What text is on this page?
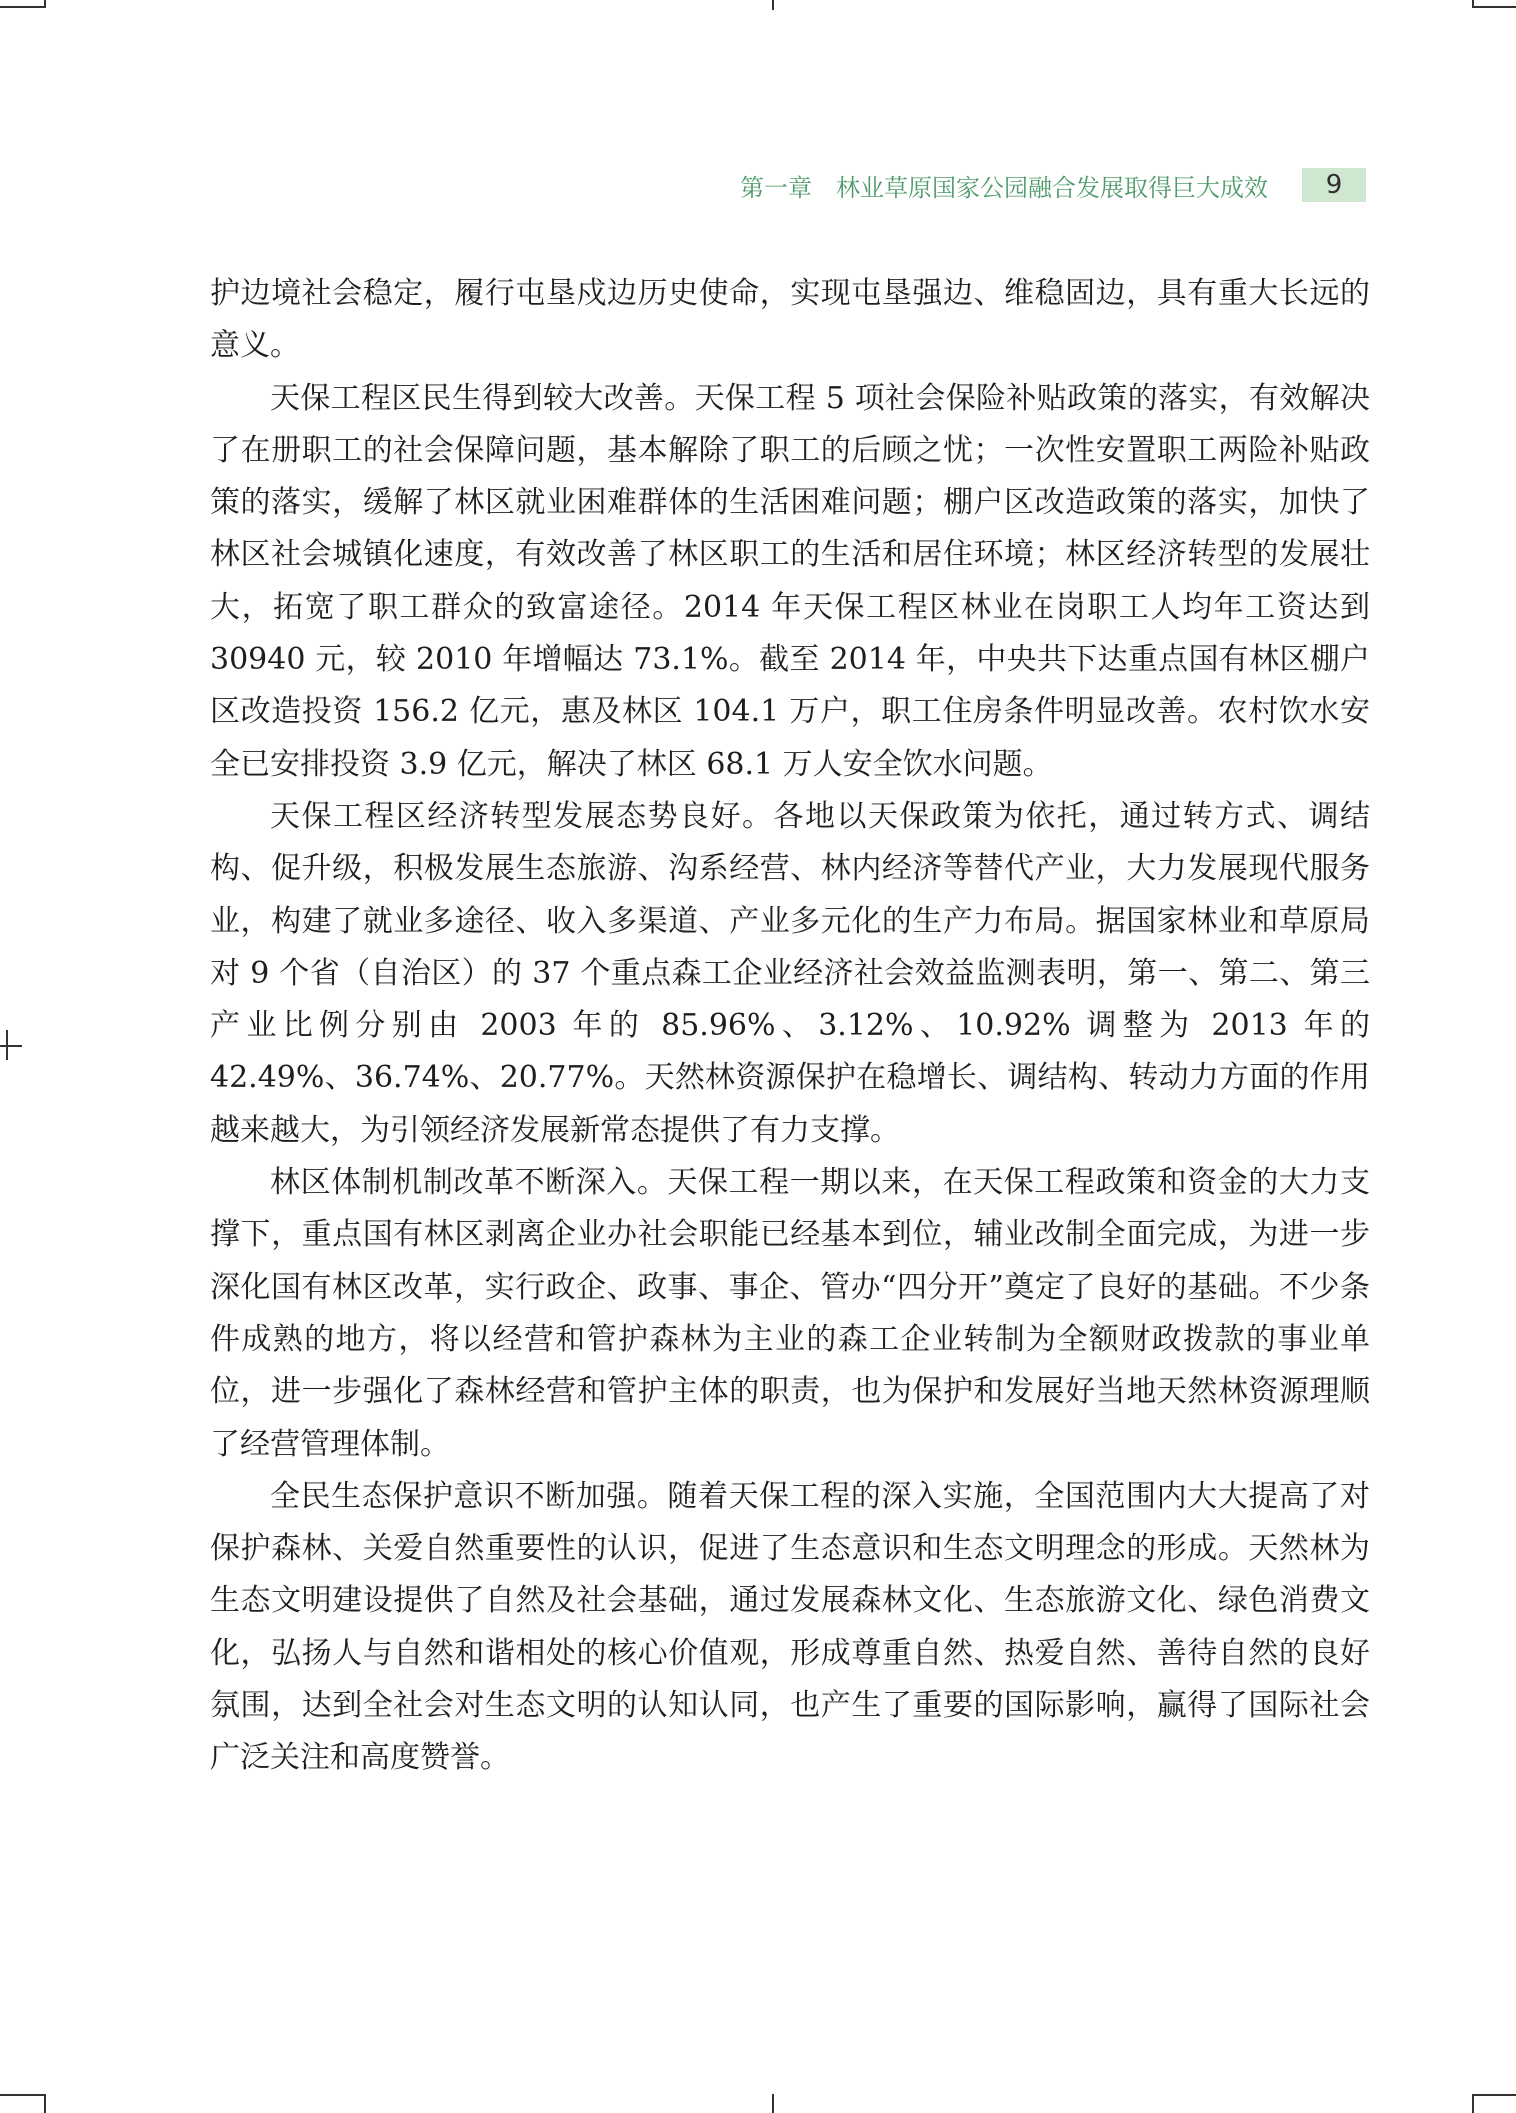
第一章　林业草原国家公园融合发展取得巨大成效	9

护边境社会稳定，履行屯垦戍边历史使命，实现屯垦强边、维稳固边，具有重大长远的意义。

天保工程区民生得到较大改善。天保工程 5 项社会保险补贴政策的落实，有效解决了在册职工的社会保障问题，基本解除了职工的后顾之忧；一次性安置职工两险补贴政策的落实，缓解了林区就业困难群体的生活困难问题；棚户区改造政策的落实，加快了林区社会城镇化速度，有效改善了林区职工的生活和居住环境；林区经济转型的发展壮大，拓宽了职工群众的致富途径。2014 年天保工程区林业在岗职工人均年工资达到 30940 元，较 2010 年增幅达 73.1%。截至 2014 年，中央共下达重点国有林区棚户区改造投资 156.2 亿元，惠及林区 104.1 万户，职工住房条件明显改善。农村饮水安全已安排投资 3.9 亿元，解决了林区 68.1 万人安全饮水问题。

天保工程区经济转型发展态势良好。各地以天保政策为依托，通过转方式、调结构、促升级，积极发展生态旅游、沟系经营、林内经济等替代产业，大力发展现代服务业，构建了就业多途径、收入多渠道、产业多元化的生产力布局。据国家林业和草原局对 9 个省（自治区）的 37 个重点森工企业经济社会效益监测表明，第一、第二、第三产业比例分别由 2003 年的 85.96%、3.12%、10.92% 调整为 2013 年的 42.49%、36.74%、20.77%。天然林资源保护在稳增长、调结构、转动力方面的作用越来越大，为引领经济发展新常态提供了有力支撑。

林区体制机制改革不断深入。天保工程一期以来，在天保工程政策和资金的大力支撑下，重点国有林区剥离企业办社会职能已经基本到位，辅业改制全面完成，为进一步深化国有林区改革，实行政企、政事、事企、管办“四分开”奠定了良好的基础。不少条件成熟的地方，将以经营和管护森林为主业的森工企业转制为全额财政拨款的事业单位，进一步强化了森林经营和管护主体的职责，也为保护和发展好当地天然林资源理顺了经营管理体制。

全民生态保护意识不断加强。随着天保工程的深入实施，全国范围内大大提高了对保护森林、关爱自然重要性的认识，促进了生态意识和生态文明理念的形成。天然林为生态文明建设提供了自然及社会基础，通过发展森林文化、生态旅游文化、绿色消费文化，弘扬人与自然和谐相处的核心价值观，形成尊重自然、热爱自然、善待自然的良好氛围，达到全社会对生态文明的认知认同，也产生了重要的国际影响，赢得了国际社会广泛关注和高度赞誉。
